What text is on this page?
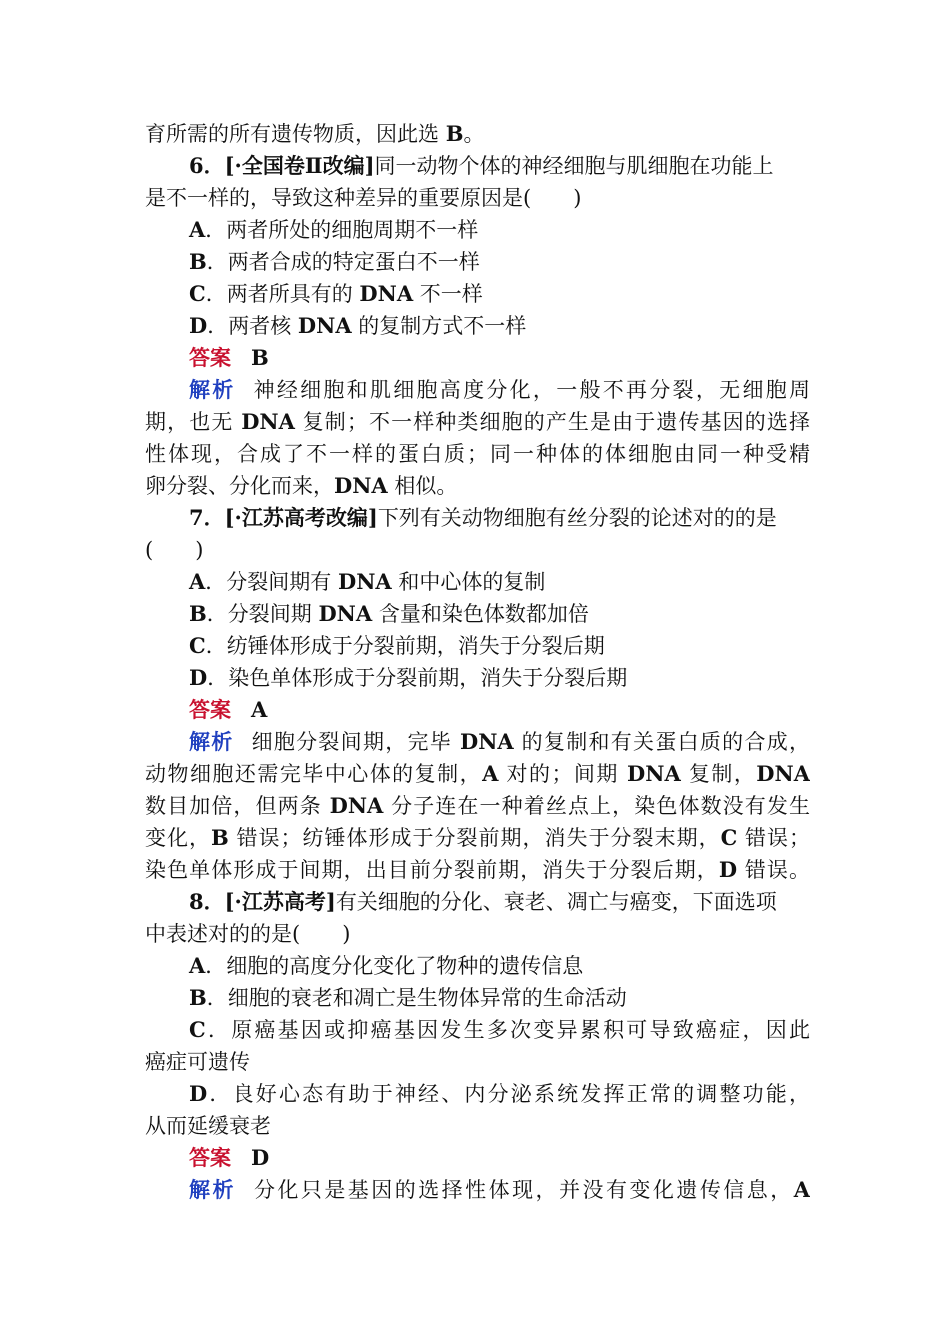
育所需的所有遗传物质，因此选 B。
6．[·全国卷Ⅱ改编]同一动物个体的神经细胞与肌细胞在功能上
是不一样的，导致这种差异的重要原因是(　　)
A．两者所处的细胞周期不一样
B．两者合成的特定蛋白不一样
C．两者所具有的 DNA 不一样
D．两者核 DNA 的复制方式不一样
答案 B
解析 神经细胞和肌细胞高度分化，一般不再分裂，无细胞周
期，也无 DNA 复制；不一样种类细胞的产生是由于遗传基因的选择
性体现，合成了不一样的蛋白质；同一种体的体细胞由同一种受精
卵分裂、分化而来，DNA 相似。
7．[·江苏高考改编]下列有关动物细胞有丝分裂的论述对的的是
(　　)
A．分裂间期有 DNA 和中心体的复制
B．分裂间期 DNA 含量和染色体数都加倍
C．纺锤体形成于分裂前期，消失于分裂后期
D．染色单体形成于分裂前期，消失于分裂后期
答案 A
解析 细胞分裂间期，完毕 DNA 的复制和有关蛋白质的合成，
动物细胞还需完毕中心体的复制，A 对的；间期 DNA 复制，DNA
数目加倍，但两条 DNA 分子连在一种着丝点上，染色体数没有发生
变化，B 错误；纺锤体形成于分裂前期，消失于分裂末期，C 错误；
染色单体形成于间期，出目前分裂前期，消失于分裂后期，D 错误。
8．[·江苏高考]有关细胞的分化、衰老、凋亡与癌变，下面选项
中表述对的的是(　　)
A．细胞的高度分化变化了物种的遗传信息
B．细胞的衰老和凋亡是生物体异常的生命活动
C．原癌基因或抑癌基因发生多次变异累积可导致癌症，因此
癌症可遗传
D．良好心态有助于神经、内分泌系统发挥正常的调整功能，
从而延缓衰老
答案 D
解析 分化只是基因的选择性体现，并没有变化遗传信息，A
